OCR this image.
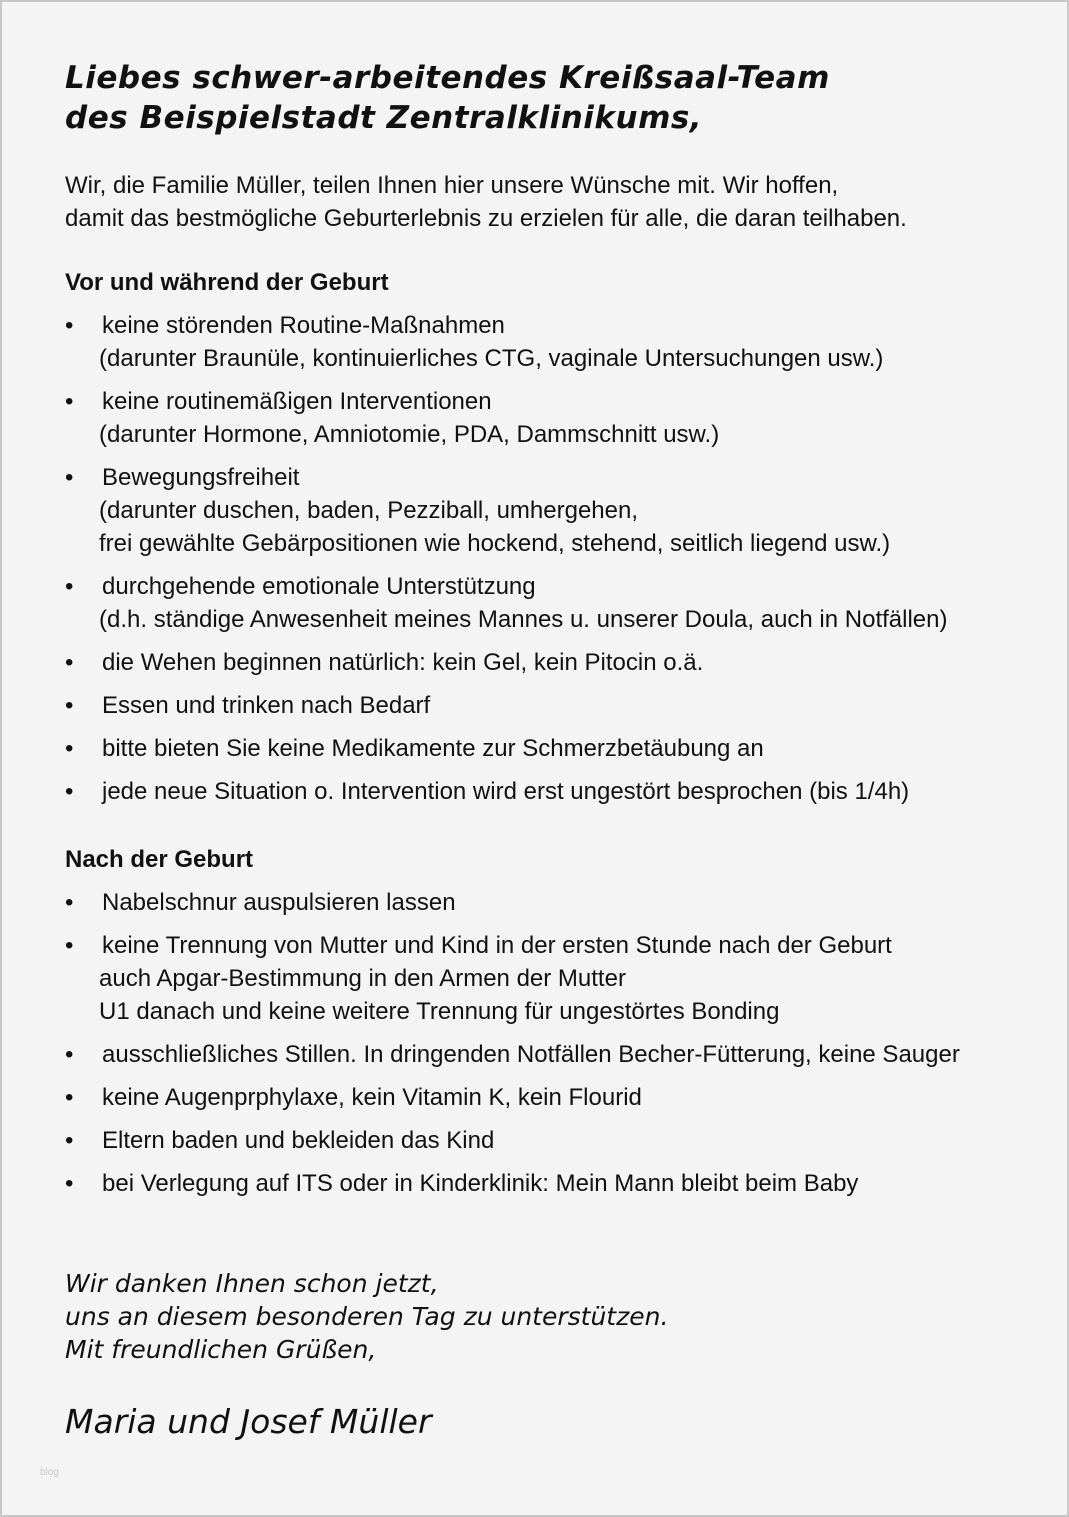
Liebes schwer-arbeitendes Kreißsaal-Team
des Beispielstadt Zentralklinikums,
Wir, die Familie Müller, teilen Ihnen hier unsere Wünsche mit. Wir hoffen,
damit das bestmögliche Geburterlebnis zu erzielen für alle, die daran teilhaben.
Vor und während der Geburt
• keine störenden Routine-Maßnahmen
(darunter Braunüle, kontinuierliches CTG, vaginale Untersuchungen usw.)
• keine routinemäßigen Interventionen
(darunter Hormone, Amniotomie, PDA, Dammschnitt usw.)
• Bewegungsfreiheit
(darunter duschen, baden, Pezziball, umhergehen,
frei gewählte Gebärpositionen wie hockend, stehend, seitlich liegend usw.)
• durchgehende emotionale Unterstützung
(d.h. ständige Anwesenheit meines Mannes u. unserer Doula, auch in Notfällen)
• die Wehen beginnen natürlich: kein Gel, kein Pitocin o.ä.
• Essen und trinken nach Bedarf
• bitte bieten Sie keine Medikamente zur Schmerzbetäubung an
• jede neue Situation o. Intervention wird erst ungestört besprochen (bis 1/4h)
Nach der Geburt
• Nabelschnur auspulsieren lassen
• keine Trennung von Mutter und Kind in der ersten Stunde nach der Geburt
auch Apgar-Bestimmung in den Armen der Mutter
U1 danach und keine weitere Trennung für ungestörtes Bonding
• ausschließliches Stillen. In dringenden Notfällen Becher-Fütterung, keine Sauger
• keine Augenprphylaxe, kein Vitamin K, kein Flourid
• Eltern baden und bekleiden das Kind
• bei Verlegung auf ITS oder in Kinderklinik: Mein Mann bleibt beim Baby
Wir danken Ihnen schon jetzt,
uns an diesem besonderen Tag zu unterstützen.
Mit freundlichen Grüßen,
Maria und Josef Müller
blog
